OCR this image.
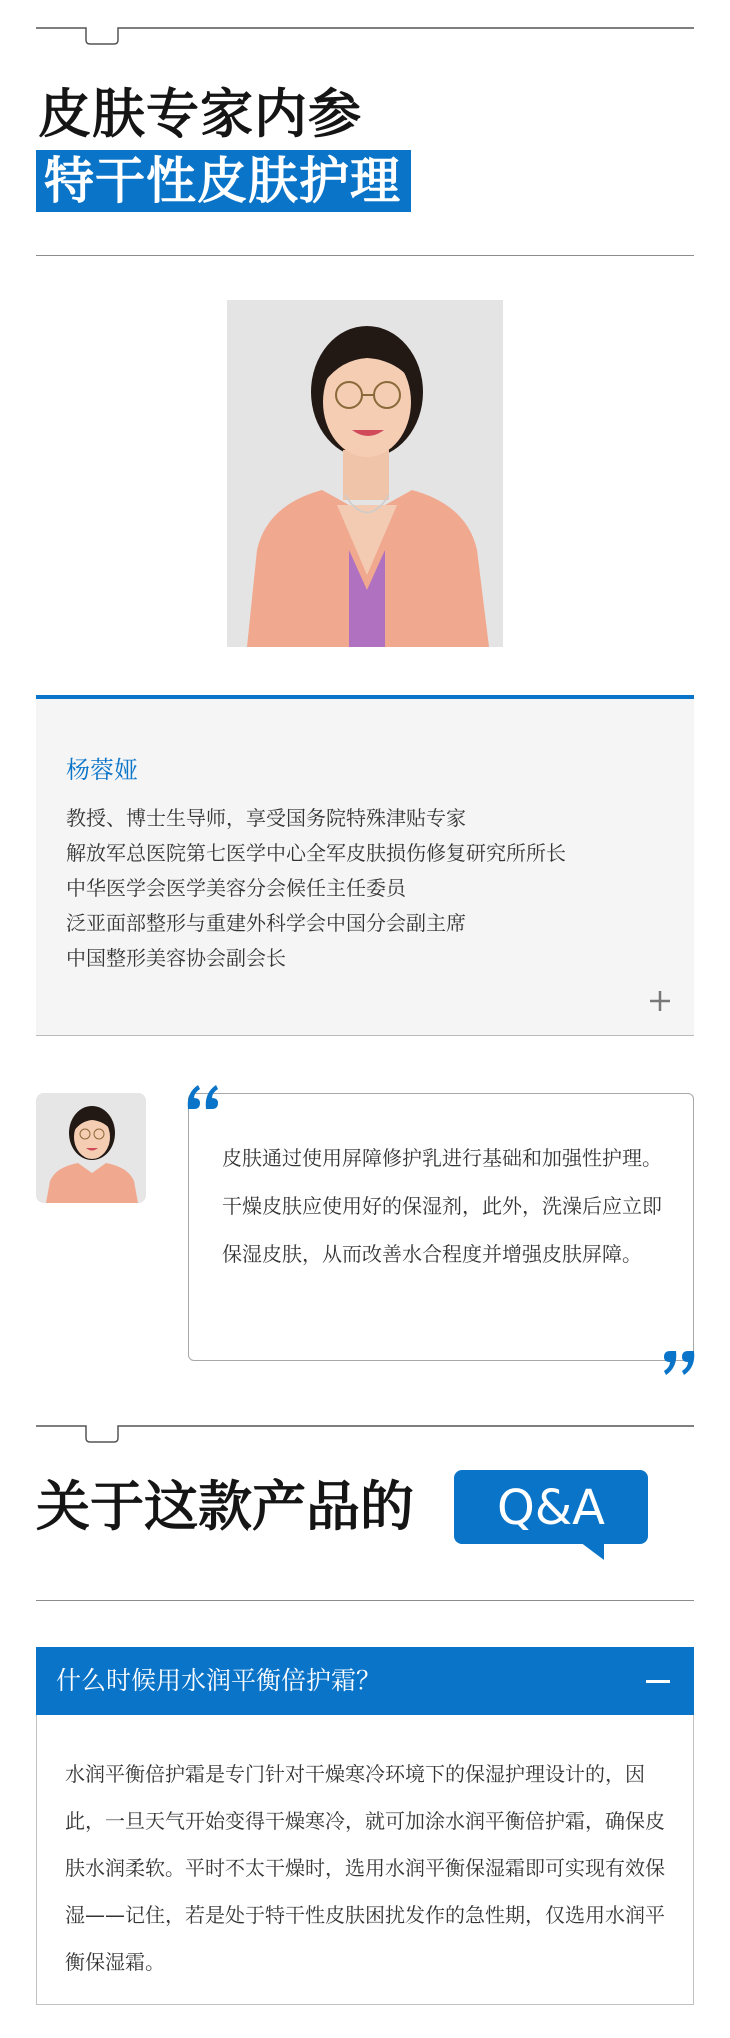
皮肤专家内参
特干性皮肤护理
杨蓉娅
教授、博士生导师，享受国务院特殊津贴专家
解放军总医院第七医学中心全军皮肤损伤修复研究所所长
中华医学会医学美容分会候任主任委员
泛亚面部整形与重建外科学会中国分会副主席
中国整形美容协会副会长

皮肤通过使用屏障修护乳进行基础和加强性护理。干燥皮肤应使用好的保湿剂，此外，洗澡后应立即保湿皮肤，从而改善水合程度并增强皮肤屏障。

关于这款产品的	Q&A
什么时候用水润平衡倍护霜？

水润平衡倍护霜是专门针对干燥寒冷环境下的保湿护理设计的，因此，一旦天气开始变得干燥寒冷，就可加涂水润平衡倍护霜，确保皮肤水润柔软。平时不太干燥时，选用水润平衡保湿霜即可实现有效保湿——记住，若是处于特干性皮肤困扰发作的急性期，仅选用水润平衡保湿霜。
